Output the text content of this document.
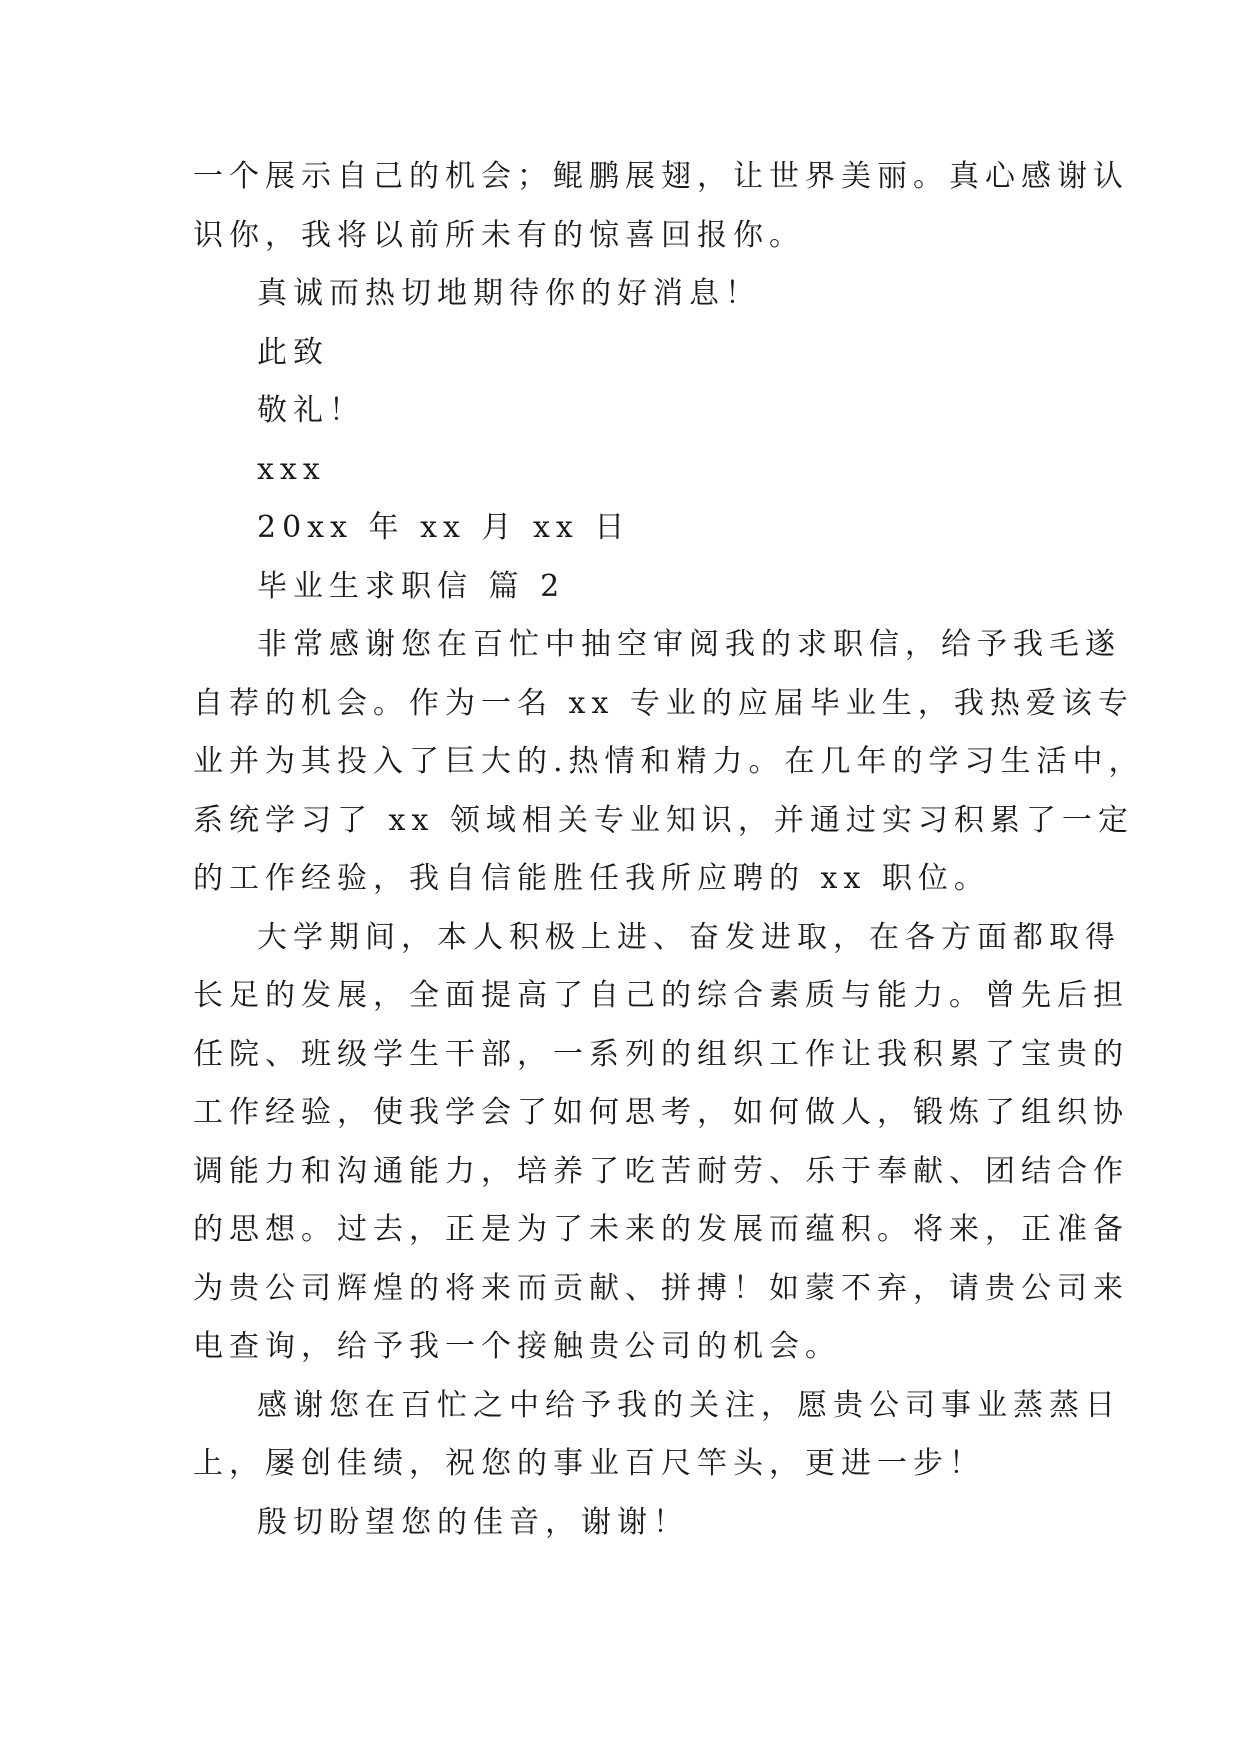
一个展示自己的机会；鲲鹏展翅，让世界美丽。真心感谢认
识你，我将以前所未有的惊喜回报你。
真诚而热切地期待你的好消息！
此致
敬礼！
xxx
20xx 年 xx 月 xx 日
毕业生求职信 篇 2
非常感谢您在百忙中抽空审阅我的求职信，给予我毛遂
自荐的机会。作为一名 xx 专业的应届毕业生，我热爱该专
业并为其投入了巨大的.热情和精力。在几年的学习生活中，
系统学习了 xx 领域相关专业知识，并通过实习积累了一定
的工作经验，我自信能胜任我所应聘的 xx 职位。
大学期间，本人积极上进、奋发进取，在各方面都取得
长足的发展，全面提高了自己的综合素质与能力。曾先后担
任院、班级学生干部，一系列的组织工作让我积累了宝贵的
工作经验，使我学会了如何思考，如何做人，锻炼了组织协
调能力和沟通能力，培养了吃苦耐劳、乐于奉献、团结合作
的思想。过去，正是为了未来的发展而蕴积。将来，正准备
为贵公司辉煌的将来而贡献、拼搏！如蒙不弃，请贵公司来
电查询，给予我一个接触贵公司的机会。
感谢您在百忙之中给予我的关注，愿贵公司事业蒸蒸日
上，屡创佳绩，祝您的事业百尺竿头，更进一步！
殷切盼望您的佳音，谢谢！
